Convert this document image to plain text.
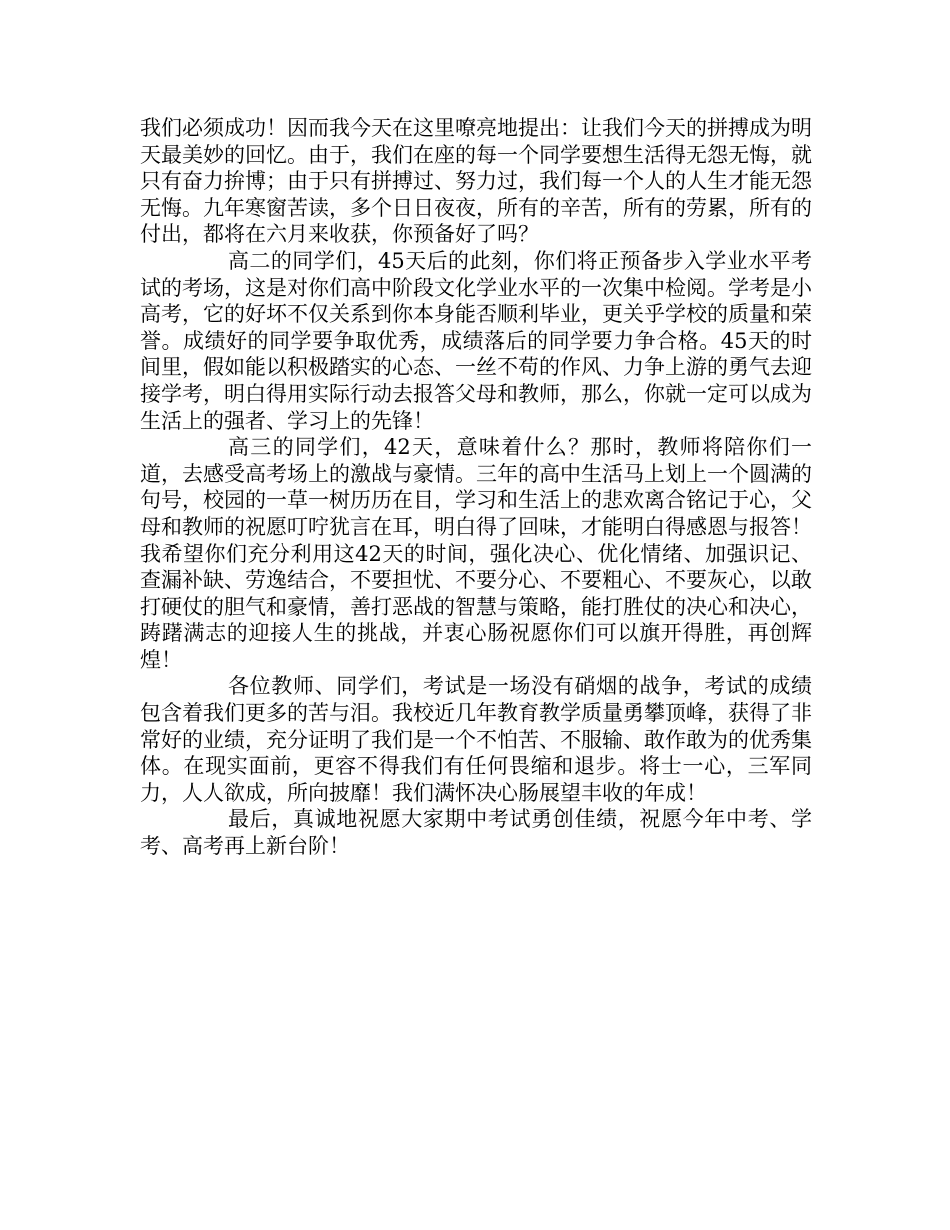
我们必须成功！因而我今天在这里嘹亮地提出：让我们今天的拼搏成为明天最美妙的回忆。由于，我们在座的每一个同学要想生活得无怨无悔，就只有奋力拚博；由于只有拼搏过、努力过，我们每一个人的人生才能无怨无悔。九年寒窗苦读，多个日日夜夜，所有的辛苦，所有的劳累，所有的付出，都将在六月来收获，你预备好了吗？

高二的同学们，45天后的此刻，你们将正预备步入学业水平考试的考场，这是对你们高中阶段文化学业水平的一次集中检阅。学考是小高考，它的好坏不仅关系到你本身能否顺利毕业，更关乎学校的质量和荣誉。成绩好的同学要争取优秀，成绩落后的同学要力争合格。45天的时间里，假如能以积极踏实的心态、一丝不苟的作风、力争上游的勇气去迎接学考，明白得用实际行动去报答父母和教师，那么，你就一定可以成为生活上的强者、学习上的先锋！

高三的同学们，42天，意味着什么？那时，教师将陪你们一道，去感受高考场上的激战与豪情。三年的高中生活马上划上一个圆满的句号，校园的一草一树历历在目，学习和生活上的悲欢离合铭记于心，父母和教师的祝愿叮咛犹言在耳，明白得了回味，才能明白得感恩与报答！我希望你们充分利用这42天的时间，强化决心、优化情绪、加强识记、查漏补缺、劳逸结合，不要担忧、不要分心、不要粗心、不要灰心，以敢打硬仗的胆气和豪情，善打恶战的智慧与策略，能打胜仗的决心和决心，踌躇满志的迎接人生的挑战，并衷心肠祝愿你们可以旗开得胜，再创辉煌！

各位教师、同学们，考试是一场没有硝烟的战争，考试的成绩包含着我们更多的苦与泪。我校近几年教育教学质量勇攀顶峰，获得了非常好的业绩，充分证明了我们是一个不怕苦、不服输、敢作敢为的优秀集体。在现实面前，更容不得我们有任何畏缩和退步。将士一心，三军同力，人人欲成，所向披靡！我们满怀决心肠展望丰收的年成！

最后，真诚地祝愿大家期中考试勇创佳绩，祝愿今年中考、学考、高考再上新台阶！
